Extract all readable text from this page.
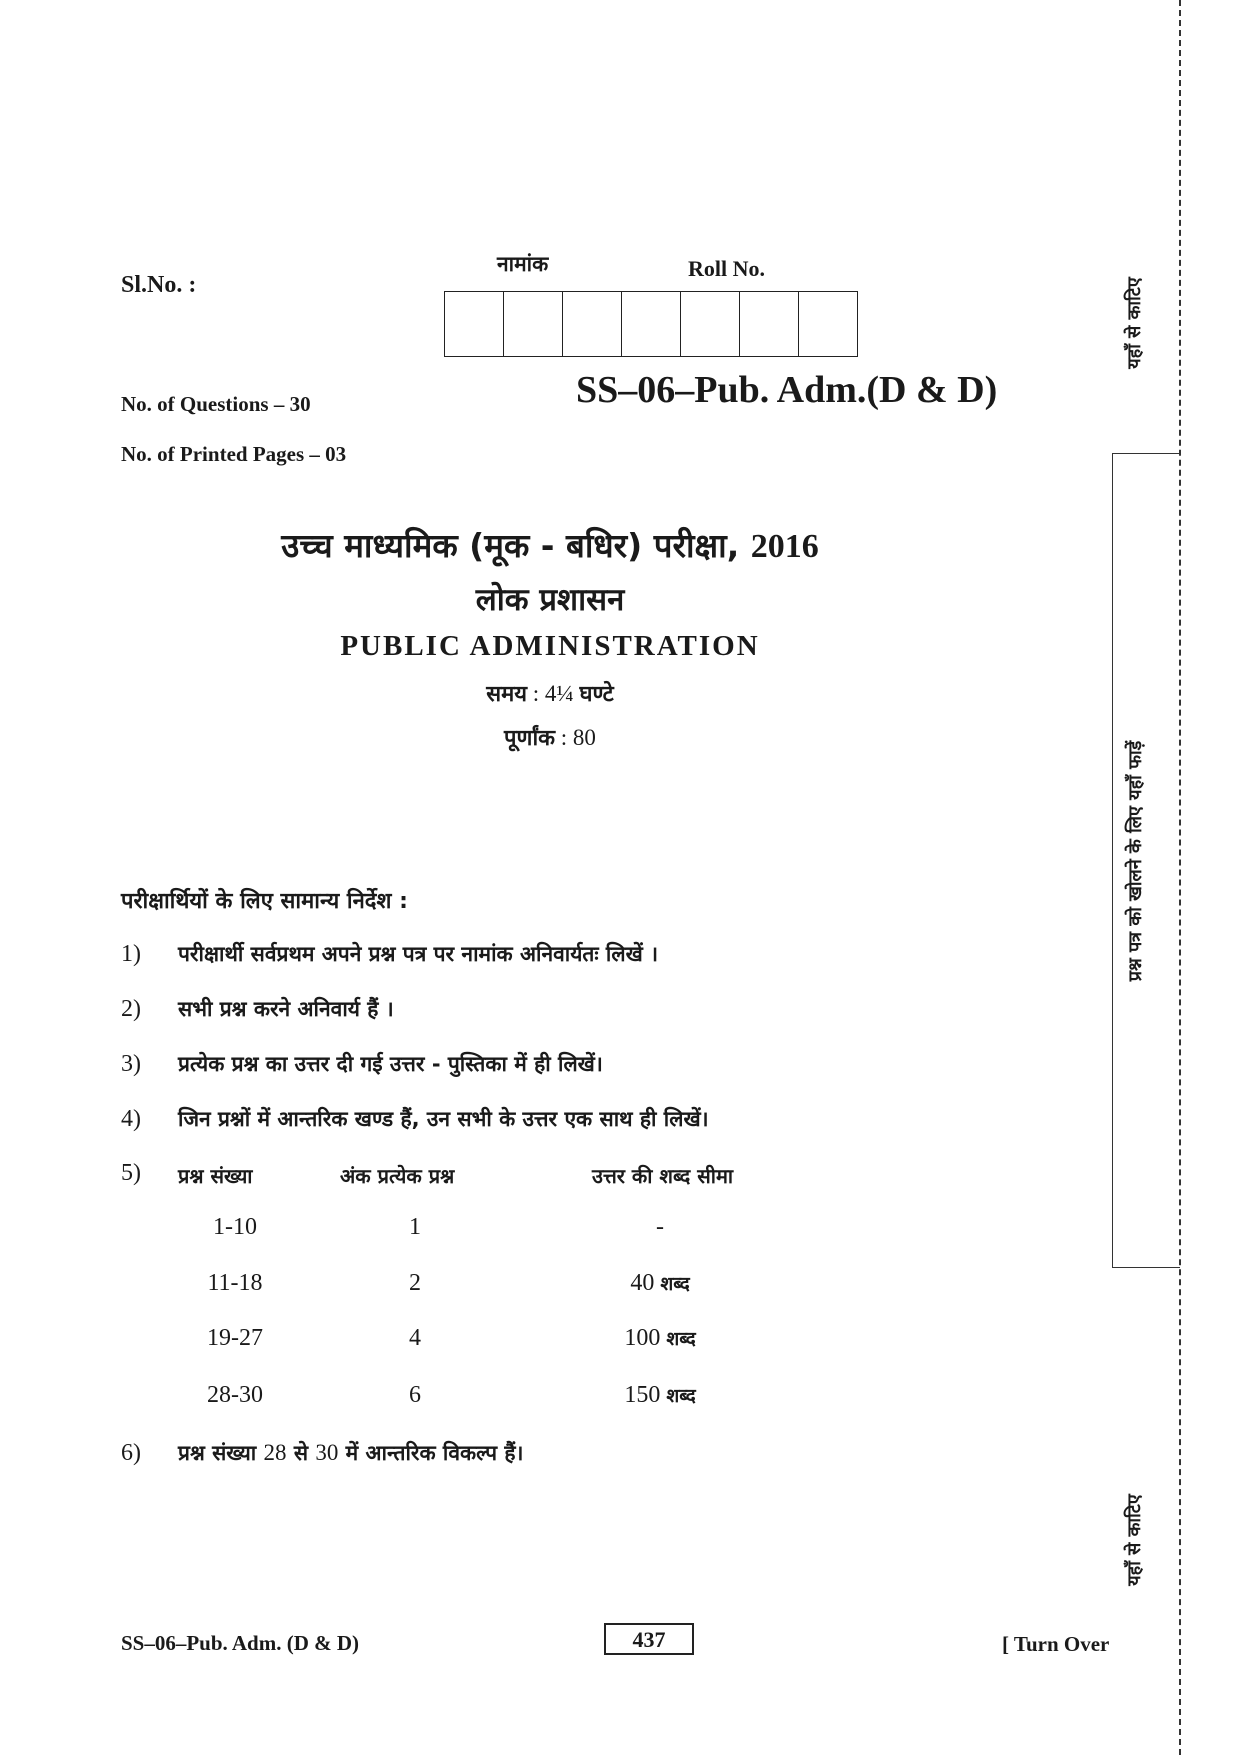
Sl.No. :
नामांक	Roll No.
SS–06–Pub. Adm.(D & D)
No. of Questions – 30
No. of Printed Pages – 03
उच्च माध्यमिक (मूक - बधिर) परीक्षा, 2016
लोक प्रशासन
PUBLIC ADMINISTRATION
समय : 4¼ घण्टे
पूर्णांक : 80
परीक्षार्थियों के लिए सामान्य निर्देश :
1)	परीक्षार्थी सर्वप्रथम अपने प्रश्न पत्र पर नामांक अनिवार्यतः लिखें ।
2)	सभी प्रश्न करने अनिवार्य हैं ।
3)	प्रत्येक प्रश्न का उत्तर दी गई उत्तर - पुस्तिका में ही लिखें।
4)	जिन प्रश्नों में आन्तरिक खण्ड हैं, उन सभी के उत्तर एक साथ ही लिखें।
5)	प्रश्न संख्या	अंक प्रत्येक प्रश्न	उत्तर की शब्द सीमा
1-10	1	-
11-18	2	40 शब्द
19-27	4	100 शब्द
28-30	6	150 शब्द
6)	प्रश्न संख्या 28 से 30 में आन्तरिक विकल्प हैं।
SS–06–Pub. Adm. (D & D)	437	[ Turn Over
यहाँ से काटिए
प्रश्न पत्र को खोलने के लिए यहाँ फाड़ें
यहाँ से काटिए
